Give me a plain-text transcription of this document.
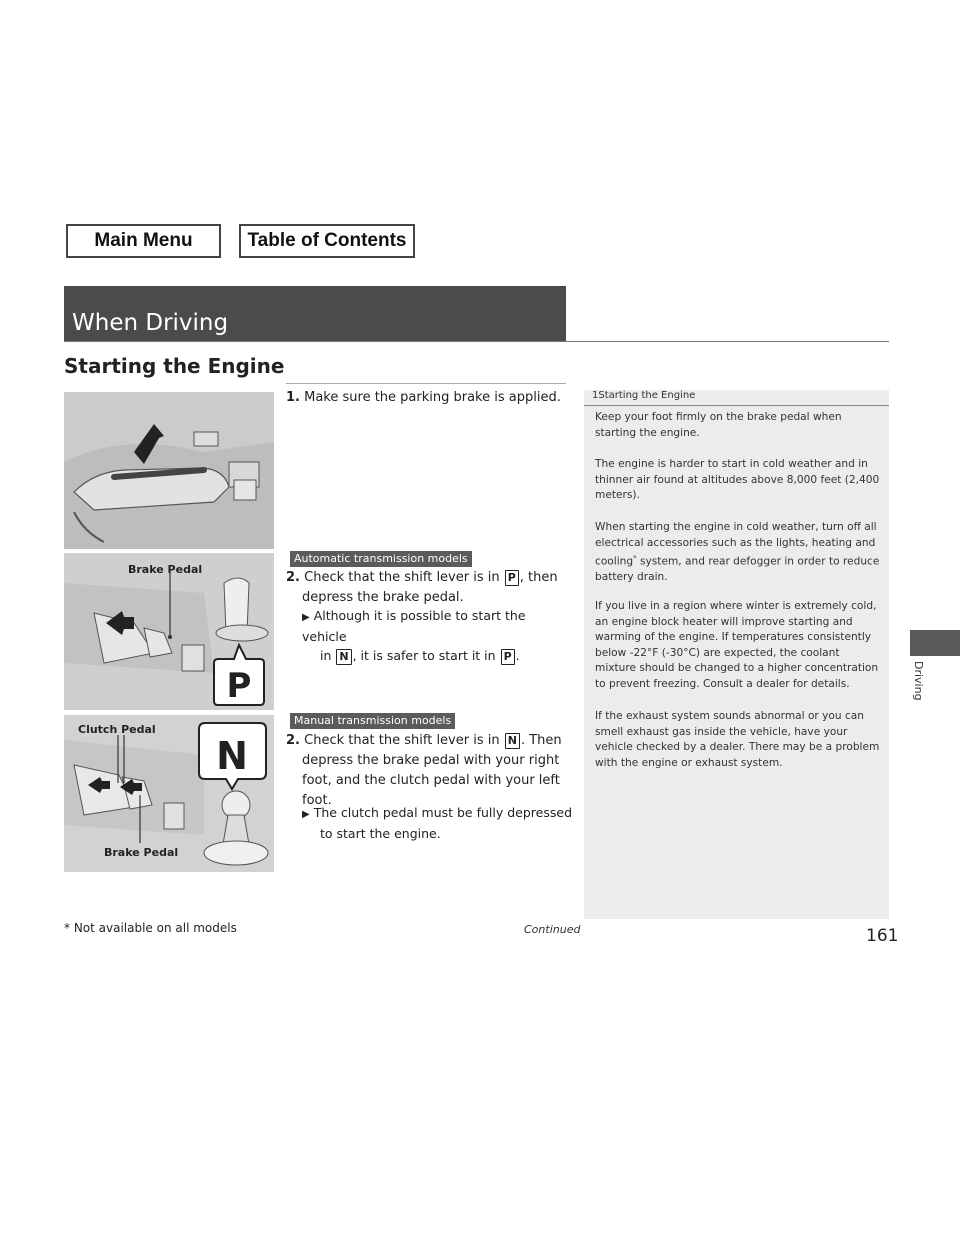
Main Menu	Table of Contents
When Driving
Starting the Engine
P
Brake Pedal
N
Clutch Pedal
Brake Pedal
1. Make sure the parking brake is applied.
Automatic transmission models
2. Check that the shift lever is in P , then
depress the brake pedal.
▶ Although it is possible to start the vehicle
in N , it is safer to start it in P .
Manual transmission models
2. Check that the shift lever is in N . Then
depress the brake pedal with your right
foot, and the clutch pedal with your left
foot.
▶ The clutch pedal must be fully depressed
to start the engine.
1Starting the Engine
Keep your foot firmly on the brake pedal when starting the engine.
The engine is harder to start in cold weather and in thinner air found at altitudes above 8,000 feet (2,400 meters).
When starting the engine in cold weather, turn off all electrical accessories such as the lights, heating and cooling* system, and rear defogger in order to reduce battery drain.
If you live in a region where winter is extremely cold, an engine block heater will improve starting and warming of the engine. If temperatures consistently below -22°F (-30°C) are expected, the coolant mixture should be changed to a higher concentration to prevent freezing. Consult a dealer for details.
If the exhaust system sounds abnormal or you can smell exhaust gas inside the vehicle, have your vehicle checked by a dealer. There may be a problem with the engine or exhaust system.
Driving
* Not available on all models	Continued	161
